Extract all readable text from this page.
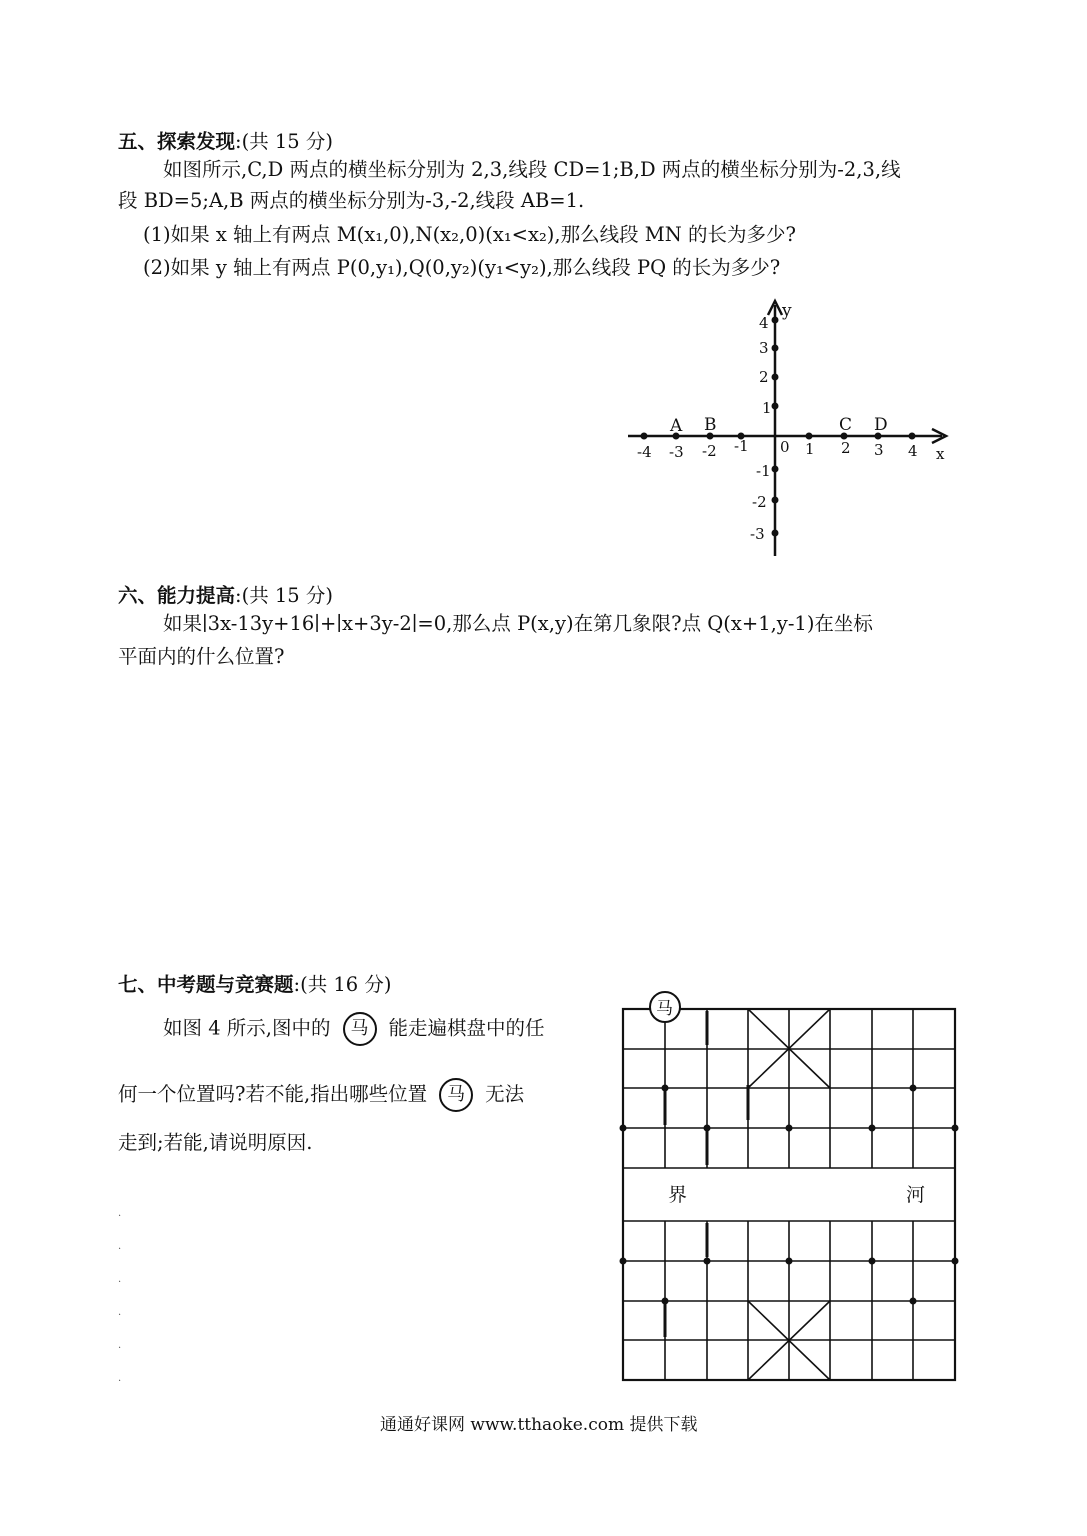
五、探索发现:(共 15 分)
如图所示,C,D 两点的横坐标分别为 2,3,线段 CD=1;B,D 两点的横坐标分别为-2,3,线
段 BD=5;A,B 两点的横坐标分别为-3,-2,线段 AB=1.
(1)如果 x 轴上有两点 M(x₁,0),N(x₂,0)(x₁<x₂),那么线段 MN 的长为多少?
(2)如果 y 轴上有两点 P(0,y₁),Q(0,y₂)(y₁<y₂),那么线段 PQ 的长为多少?
-4 -3 -2 -1	1 2 3 4
0	x
y
4
3
2
1
-1
-2
-3
A B	C D
六、能力提高:(共 15 分)
如果∣3x-13y+16∣+∣x+3y-2∣=0,那么点 P(x,y)在第几象限?点 Q(x+1,y-1)在坐标
平面内的什么位置?
七、中考题与竞赛题:(共 16 分)
如图 4 所示,图中的 马 能走遍棋盘中的任
何一个位置吗?若不能,指出哪些位置 马 无法
走到;若能,请说明原因.
.
.
.
.
.
.
界	河
马
通通好课网 www.tthaoke.com 提供下载
